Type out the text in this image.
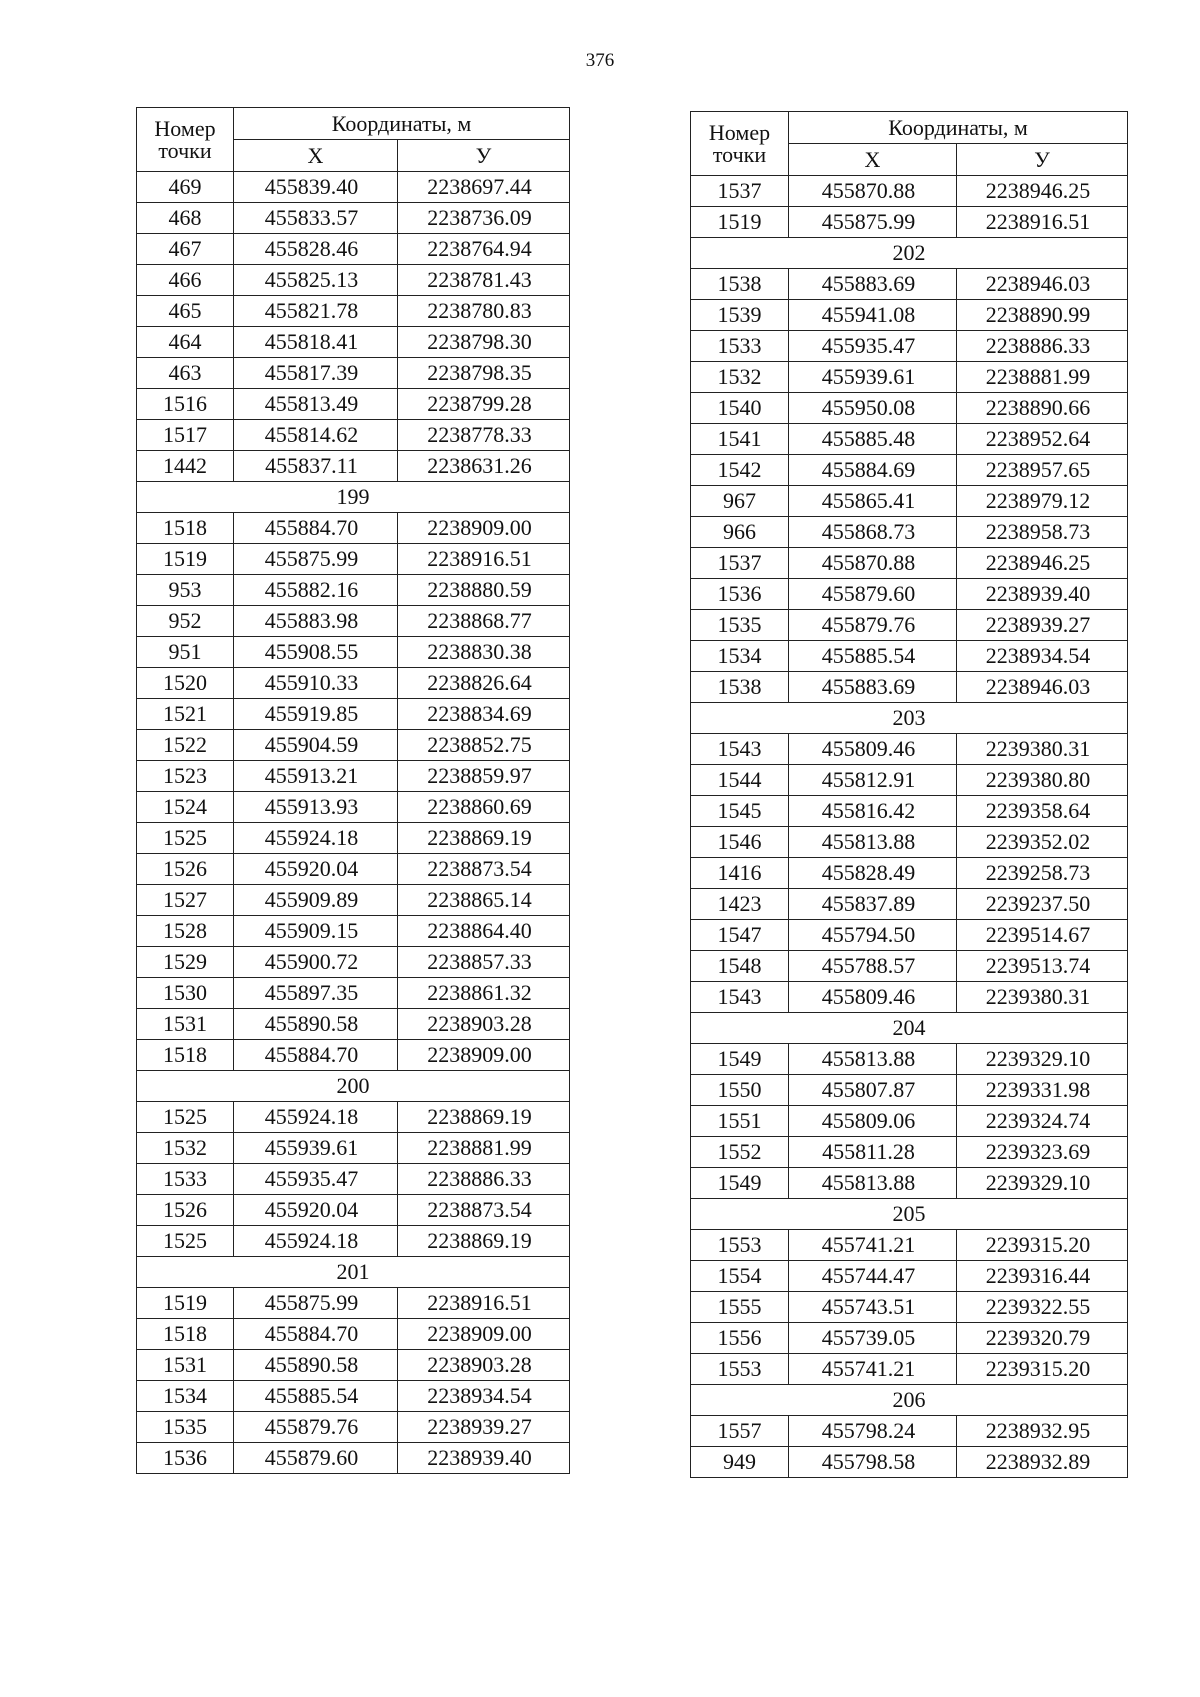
376
Номер
точки	Координаты, м	
	Х	У
469	455839.40	2238697.44
468	455833.57	2238736.09
467	455828.46	2238764.94
466	455825.13	2238781.43
465	455821.78	2238780.83
464	455818.41	2238798.30
463	455817.39	2238798.35
1516	455813.49	2238799.28
1517	455814.62	2238778.33
1442	455837.11	2238631.26
199		
1518	455884.70	2238909.00
1519	455875.99	2238916.51
953	455882.16	2238880.59
952	455883.98	2238868.77
951	455908.55	2238830.38
1520	455910.33	2238826.64
1521	455919.85	2238834.69
1522	455904.59	2238852.75
1523	455913.21	2238859.97
1524	455913.93	2238860.69
1525	455924.18	2238869.19
1526	455920.04	2238873.54
1527	455909.89	2238865.14
1528	455909.15	2238864.40
1529	455900.72	2238857.33
1530	455897.35	2238861.32
1531	455890.58	2238903.28
1518	455884.70	2238909.00
200		
1525	455924.18	2238869.19
1532	455939.61	2238881.99
1533	455935.47	2238886.33
1526	455920.04	2238873.54
1525	455924.18	2238869.19
201		
1519	455875.99	2238916.51
1518	455884.70	2238909.00
1531	455890.58	2238903.28
1534	455885.54	2238934.54
1535	455879.76	2238939.27
1536	455879.60	2238939.40
Номер
точки	Координаты, м	
	Х	У
1537	455870.88	2238946.25
1519	455875.99	2238916.51
202		
1538	455883.69	2238946.03
1539	455941.08	2238890.99
1533	455935.47	2238886.33
1532	455939.61	2238881.99
1540	455950.08	2238890.66
1541	455885.48	2238952.64
1542	455884.69	2238957.65
967	455865.41	2238979.12
966	455868.73	2238958.73
1537	455870.88	2238946.25
1536	455879.60	2238939.40
1535	455879.76	2238939.27
1534	455885.54	2238934.54
1538	455883.69	2238946.03
203		
1543	455809.46	2239380.31
1544	455812.91	2239380.80
1545	455816.42	2239358.64
1546	455813.88	2239352.02
1416	455828.49	2239258.73
1423	455837.89	2239237.50
1547	455794.50	2239514.67
1548	455788.57	2239513.74
1543	455809.46	2239380.31
204		
1549	455813.88	2239329.10
1550	455807.87	2239331.98
1551	455809.06	2239324.74
1552	455811.28	2239323.69
1549	455813.88	2239329.10
205		
1553	455741.21	2239315.20
1554	455744.47	2239316.44
1555	455743.51	2239322.55
1556	455739.05	2239320.79
1553	455741.21	2239315.20
206		
1557	455798.24	2238932.95
949	455798.58	2238932.89
